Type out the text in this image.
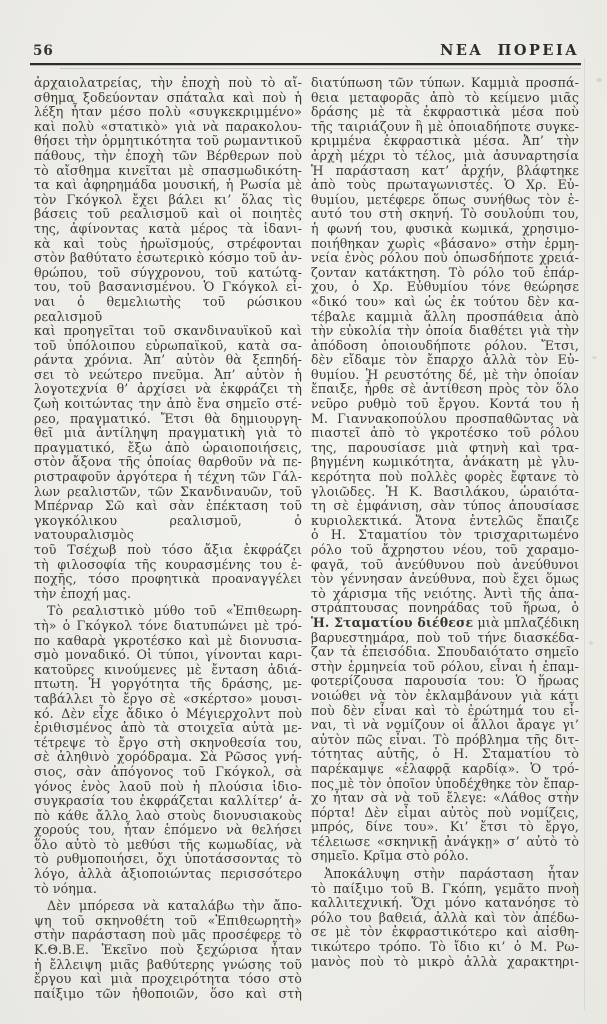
56	ΝΕΑ ΠΟΡΕΙΑ
ἀρχαιολατρείας, τὴν ἐποχὴ ποὺ τὸ αἴ-
σθημα ξοδεύονταν σπάταλα καὶ ποὺ ἡ
λέξη ἦταν μέσο πολὺ «συγκεκριμμένο»
καὶ πολὺ «στατικὸ» γιὰ νὰ παρακολου-
θήσει τὴν ὁρμητικότητα τοῦ ρωμαντικοῦ
πάθους, τὴν ἐποχὴ τῶν Βέρθερων ποὺ
τὸ αἴσθημα κινεῖται μὲ σπασμωδικότη-
τα καὶ ἀφηρημάδα μουσική, ἡ Ρωσία μὲ
τὸν Γκόγκολ ἔχει βάλει κι’ ὅλας τὶς
βάσεις τοῦ ρεαλισμοῦ καὶ οἱ ποιητὲς
της, ἀφίνοντας κατὰ μέρος τὰ ἰδανι-
κὰ καὶ τοὺς ἡρωϊσμούς, στρέφονται
στὸν βαθύτατο ἐσωτερικὸ κόσμο τοῦ ἀν-
θρώπου, τοῦ σύγχρονου, τοῦ κατώτα-
του, τοῦ βασανισμένου. Ὁ Γκόγκολ εἶ-
ναι ὁ θεμελιωτὴς τοῦ ρώσικου ρεαλισμοῦ
καὶ προηγεῖται τοῦ σκανδιναυϊκοῦ καὶ
τοῦ ὑπόλοιπου εὐρωπαϊκοῦ, κατὰ σα-
ράντα χρόνια. Ἀπ’ αὐτὸν θὰ ξεπηδή-
σει τὸ νεώτερο πνεῦμα. Ἀπ’ αὐτὸν ἡ
λογοτεχνία θ’ ἀρχίσει νὰ ἐκφράζει τὴ
ζωὴ κοιτώντας την ἀπὸ ἕνα σημεῖο στέ-
ρεο, πραγματικό. Ἔτσι θὰ δημιουργη-
θεῖ μιὰ ἀντίληψη πραγματικὴ γιὰ τὸ
πραγματικό, ἔξω ἀπὸ ὡραιοποιήσεις,
στὸν ἄξονα τῆς ὁποίας θαρθοῦν νὰ πε-
ριστραφοῦν ἀργότερα ἡ τέχνη τῶν Γάλ-
λων ρεαλιστῶν, τῶν Σκανδιναυῶν, τοῦ
Μπέρναρ Σῶ καὶ σὰν ἐπέκταση τοῦ
γκογκόλικου ρεαλισμοῦ, ὁ νατουραλισμὸς
τοῦ Τσέχωβ ποὺ τόσο ἄξια ἐκφράζει
τὴ φιλοσοφία τῆς κουρασμένης του ἐ-
ποχῆς, τόσο προφητικὰ προαναγγέλει
τὴν ἐποχή μας.
Τὸ ρεαλιστικὸ μύθο τοῦ «Ἐπιθεωρη-
τὴ» ὁ Γκόγκολ τόνε διατυπώνει μὲ τρό-
πο καθαρὰ γκροτέσκο καὶ μὲ διονυσια-
σμὸ μοναδικό. Οἱ τύποι, γίνονται καρι-
κατοῦρες κινούμενες μὲ ἔνταση ἀδιά-
πτωτη. Ἡ γοργότητα τῆς δράσης, με-
ταβάλλει τὸ ἔργο σὲ «σκέρτσο» μουσι-
κό. Δὲν εἶχε ἄδικο ὁ Μέγιερχολντ ποὺ
ἐριθισμένος ἀπὸ τὰ στοιχεῖα αὐτὰ με-
τέτρεψε τὸ ἔργο στὴ σκηνοθεσία του,
σὲ ἀληθινὸ χορόδραμα. Σὰ Ρῶσος γνή-
σιος, σὰν ἀπόγονος τοῦ Γκόγκολ, σὰ
γόνος ἑνὸς λαοῦ ποὺ ἡ πλούσια ἰδιο-
συγκρασία του ἐκφράζεται καλλίτερ’ ἀ-
πὸ κάθε ἄλλο λαὸ στοὺς διονυσιακοὺς
χορούς του, ἦταν ἑπόμενο νὰ θελήσει
ὅλο αὐτὸ τὸ μεθύσι τῆς κωμωδίας, νὰ
τὸ ρυθμοποιήσει, ὄχι ὑποτάσσοντας τὸ
λόγο, ἀλλὰ ἀξιοποιώντας περισσότερο
τὸ νόημα.
Δὲν μπόρεσα νὰ καταλάβω τὴν ἄπο-
ψη τοῦ σκηνοθέτη τοῦ «Ἐπιθεωρητὴ»
στὴν παράσταση ποὺ μᾶς προσέφερε τὸ
Κ.Θ.Β.Ε. Ἐκεῖνο ποὺ ξεχώρισα ἦταν
ἡ ἔλλειψη μιᾶς βαθύτερης γνώσης τοῦ
ἔργου καὶ μιὰ προχειρότητα τόσο στὸ
παίξιμο τῶν ἠθοποιῶν, ὅσο καὶ στὴ
διατύπωση τῶν τύπων. Καμμιὰ προσπά-
θεια μεταφορᾶς ἀπὸ τὸ κείμενο μιᾶς
δράσης μὲ τὰ ἐκφραστικὰ μέσα ποὺ
τῆς ταιριάζουν ἢ μὲ ὁποιαδήποτε συγκε-
κριμμένα ἐκφραστικὰ μέσα. Ἀπ’ τὴν
ἀρχὴ μέχρι τὸ τέλος, μιὰ ἀσυναρτησία
Ἡ παράσταση κατ’ ἀρχήν, βλάφτηκε
ἀπὸ τοὺς πρωταγωνιστές. Ὁ Χρ. Εὐ-
θυμίου, μετέφερε ὅπως συνήθως τὸν ἑ-
αυτό του στὴ σκηνή. Τὸ σουλούπι του,
ἡ φωνή του, φυσικὰ κωμικά, χρησιμο-
ποιήθηκαν χωρὶς «βάσανο» στὴν ἑρμη-
νεία ἑνὸς ρόλου ποὺ ὁπωσδήποτε χρειά-
ζονταν κατάκτηση. Τὸ ρόλο τοῦ ἐπάρ-
χου, ὁ Χρ. Εὐθυμίου τόνε θεώρησε
«δικό του» καὶ ὡς ἐκ τούτου δὲν κα-
τέβαλε καμμιὰ ἄλλη προσπάθεια ἀπὸ
τὴν εὐκολία τὴν ὁποία διαθέτει γιὰ τὴν
ἀπόδοση ὁποιουδήποτε ρόλου. Ἔτσι,
δὲν εἴδαμε τὸν ἔπαρχο ἀλλὰ τὸν Εὐ-
θυμίου. Ἡ ρευστότης δέ, μὲ τὴν ὁποίαν
ἔπαιξε, ἦρθε σὲ ἀντίθεση πρὸς τὸν ὅλο
νεῦρο ρυθμὸ τοῦ ἔργου. Κοντά του ἡ
Μ. Γιαννακοπούλου προσπαθῶντας νὰ
πιαστεῖ ἀπὸ τὸ γκροτέσκο τοῦ ρόλου
της, παρουσίασε μιὰ φτηνὴ καὶ τρα-
βηγμένη κωμικότητα, ἀνάκατη μὲ γλυ-
κερότητα ποὺ πολλὲς φορὲς ἔφτανε τὸ
γλοιῶδες. Ἡ Κ. Βασιλάκου, ὡραιότα-
τη σὲ ἐμφάνιση, σὰν τύπος ἀπουσίασε
κυριολεκτικά. Ἄτονα ἐντελῶς ἔπαιζε
ὁ Η. Σταματίου τὸν τρισχαριτωμένο
ρόλο τοῦ ἄχρηστου νέου, τοῦ χαραμο-
φαγᾶ, τοῦ ἀνεύθυνου ποὺ ἀνεύθυνοι
τὸν γέννησαν ἀνεύθυνα, ποὺ ἔχει ὅμως
τὸ χάρισμα τῆς νειότης. Ἀντὶ τῆς ἀπα-
στράπτουσας πονηράδας τοῦ ἥρωα, ὁ
Ἡ. Σταματίου διέθεσε μιὰ μπλαζέδικη
βαρυεστημάρα, ποὺ τοῦ τήνε διασκέδα-
ζαν τὰ ἐπεισόδια. Σπουδαιότατο σημεῖο
στὴν ἑρμηνεία τοῦ ρόλου, εἶναι ἡ ἐπαμ-
φοτερίζουσα παρουσία του: Ὁ ἥρωας
νοιώθει νὰ τὸν ἐκλαμβάνουν γιὰ κάτι
ποὺ δὲν εἶναι καὶ τὸ ἐρώτημά του εἶ-
ναι, τὶ νὰ νομίζουν οἱ ἄλλοι ἄραγε γι’
αὐτὸν πῶς εἶναι. Τὸ πρόβλημα τῆς διτ-
τότητας αὐτῆς, ὁ Η. Σταματίου τὸ
παρέκαμψε «ἐλαφρᾷ καρδίᾳ». Ὁ τρό-
πος μὲ τὸν ὁποῖον ὑποδέχθηκε τὸν ἔπαρ-
χο ἦταν σὰ νὰ τοῦ ἔλεγε: «Λάθος στὴν
πόρτα! Δὲν εἶμαι αὐτὸς ποὺ νομίζεις,
μπρός, δίνε του». Κι’ ἔτσι τὸ ἔργο,
τέλειωσε «σκηνικῇ ἀνάγκῃ» σ’ αὐτὸ τὸ
σημεῖο. Κρῖμα στὸ ρόλο.
Ἀποκάλυψη στὴν παράσταση ἦταν
τὸ παίξιμο τοῦ Β. Γκόπη, γεμᾶτο πνοὴ
καλλιτεχνική. Ὄχι μόνο κατανόησε τὸ
ρόλο του βαθειά, ἀλλὰ καὶ τὸν ἀπέδω-
σε μὲ τὸν ἐκφραστικότερο καὶ αἰσθη-
τικώτερο τρόπο. Τὸ ἴδιο κι’ ὁ Μ. Ρω-
μανὸς ποὺ τὸ μικρὸ ἀλλὰ χαρακτηρι-
